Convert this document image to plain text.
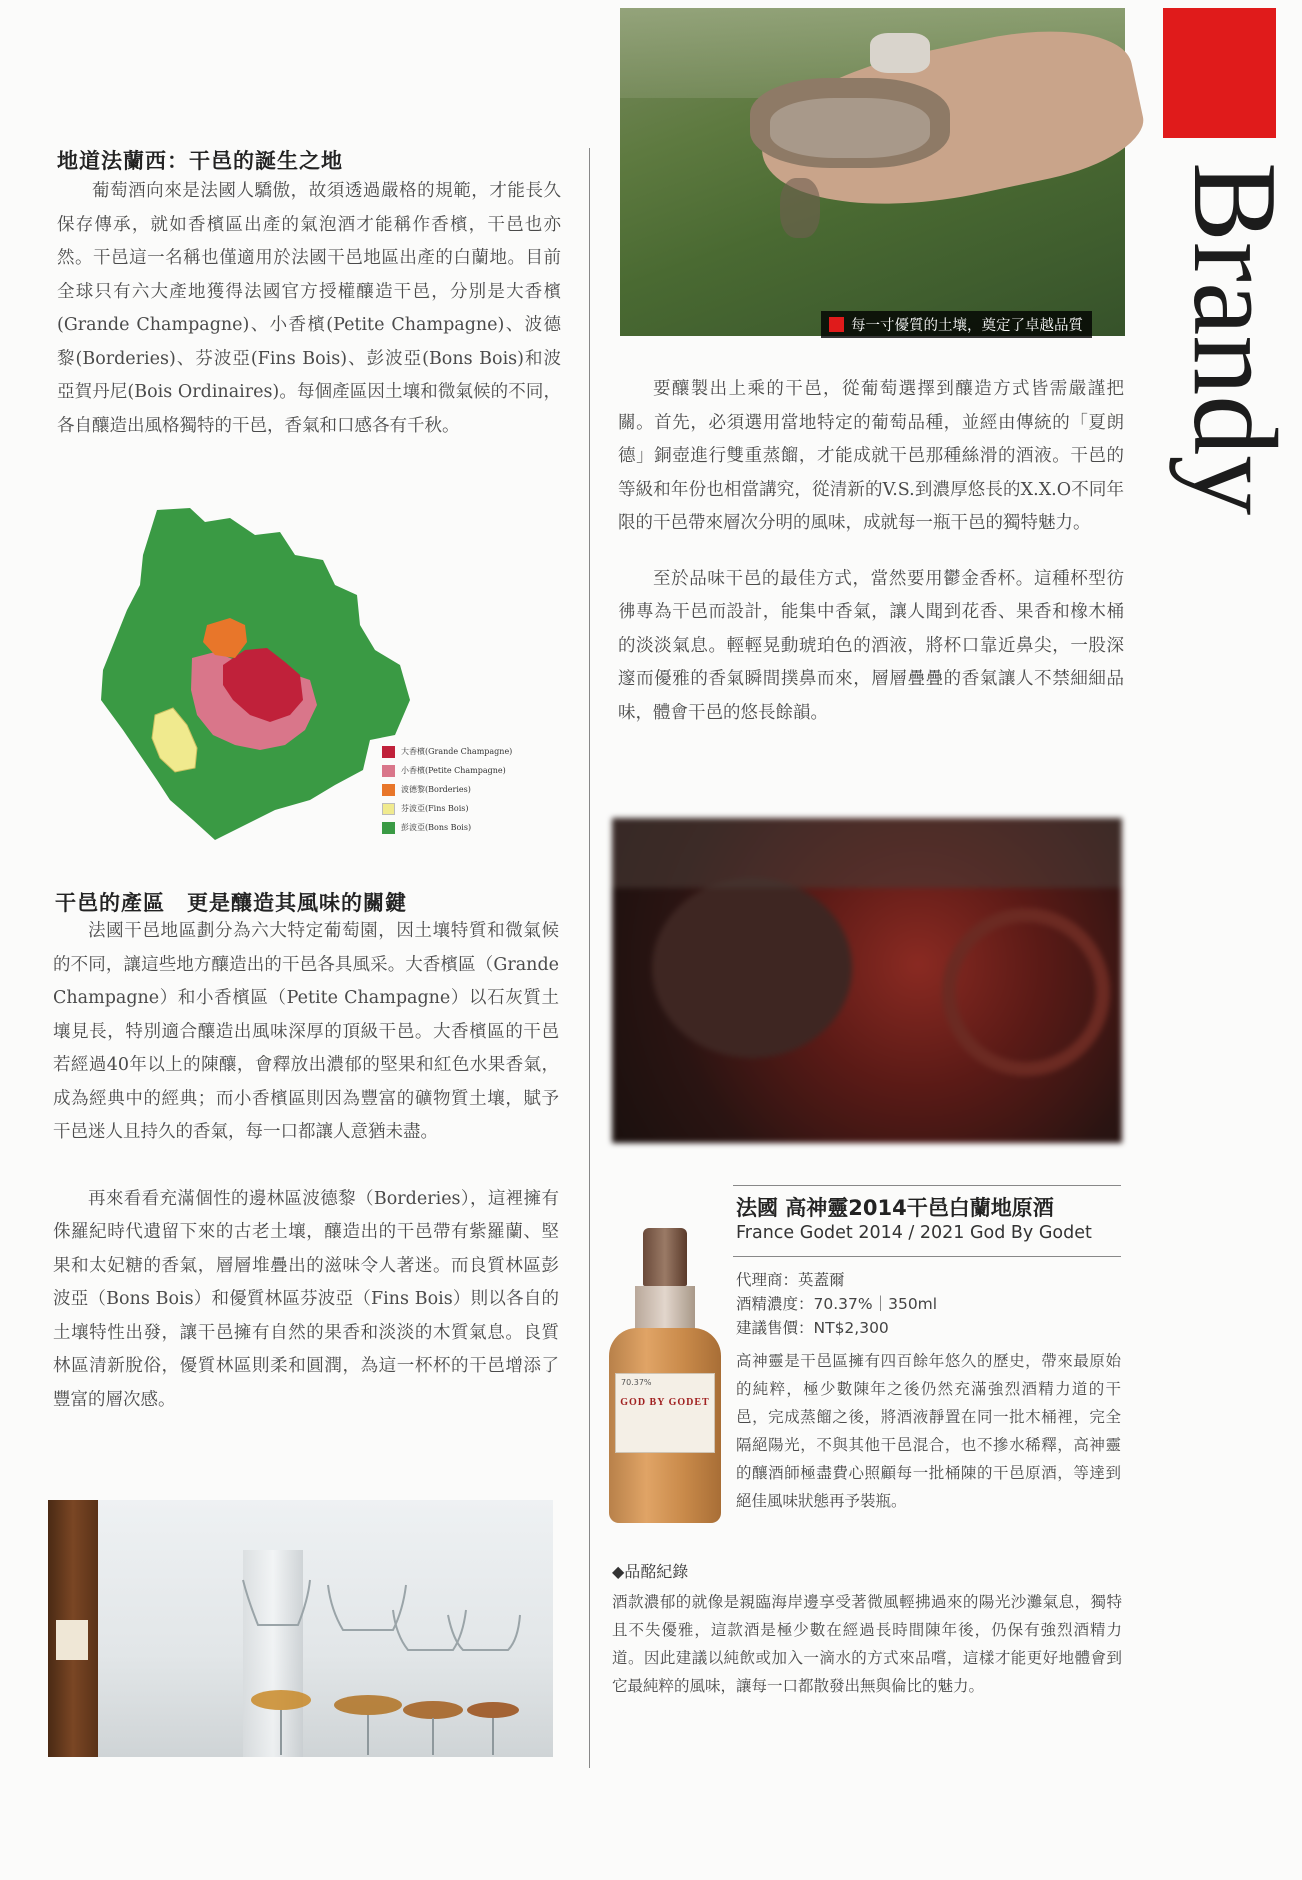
地道法蘭西：干邑的誕生之地

葡萄酒向來是法國人驕傲，故須透過嚴格的規範，才能長久保存傳承，就如香檳區出產的氣泡酒才能稱作香檳，干邑也亦然。干邑這一名稱也僅適用於法國干邑地區出產的白蘭地。目前全球只有六大產地獲得法國官方授權釀造干邑，分別是大香檳(Grande Champagne)、小香檳(Petite Champagne)、波德黎(Borderies)、芬波亞(Fins Bois)、彭波亞(Bons Bois)和波亞賀丹尼(Bois Ordinaires)。每個產區因土壤和微氣候的不同，各自釀造出風格獨特的干邑，香氣和口感各有千秋。

大香檳(Grande Champagne)
小香檳(Petite Champagne)
波德黎(Borderies)
芬波亞(Fins Bois)
彭波亞(Bons Bois)
干邑的產區　更是釀造其風味的關鍵

法國干邑地區劃分為六大特定葡萄園，因土壤特質和微氣候的不同，讓這些地方釀造出的干邑各具風采。大香檳區（Grande Champagne）和小香檳區（Petite Champagne）以石灰質土壤見長，特別適合釀造出風味深厚的頂級干邑。大香檳區的干邑若經過40年以上的陳釀，會釋放出濃郁的堅果和紅色水果香氣，成為經典中的經典；而小香檳區則因為豐富的礦物質土壤，賦予干邑迷人且持久的香氣，每一口都讓人意猶未盡。

再來看看充滿個性的邊林區波德黎（Borderies），這裡擁有侏羅紀時代遺留下來的古老土壤，釀造出的干邑帶有紫羅蘭、堅果和太妃糖的香氣，層層堆疊出的滋味令人著迷。而良質林區彭波亞（Bons Bois）和優質林區芬波亞（Fins Bois）則以各自的土壤特性出發，讓干邑擁有自然的果香和淡淡的木質氣息。良質林區清新脫俗，優質林區則柔和圓潤，為這一杯杯的干邑增添了豐富的層次感。

每一寸優質的土壤，奠定了卓越品質 Brandy

要釀製出上乘的干邑，從葡萄選擇到釀造方式皆需嚴謹把關。首先，必須選用當地特定的葡萄品種，並經由傳統的「夏朗德」銅壺進行雙重蒸餾，才能成就干邑那種絲滑的酒液。干邑的等級和年份也相當講究，從清新的V.S.到濃厚悠長的X.X.O不同年限的干邑帶來層次分明的風味，成就每一瓶干邑的獨特魅力。

至於品味干邑的最佳方式，當然要用鬱金香杯。這種杯型彷彿專為干邑而設計，能集中香氣，讓人聞到花香、果香和橡木桶的淡淡氣息。輕輕晃動琥珀色的酒液，將杯口靠近鼻尖，一股深邃而優雅的香氣瞬間撲鼻而來，層層疊疊的香氣讓人不禁細細品味，體會干邑的悠長餘韻。

法國 高神靈2014干邑白蘭地原酒
France Godet 2014 / 2021 God By Godet
70.37%
GOD BY GODET
代理商：英蓋爾
酒精濃度：70.37%｜350ml
建議售價：NT$2,300
高神靈是干邑區擁有四百餘年悠久的歷史，帶來最原始的純粹，極少數陳年之後仍然充滿強烈酒精力道的干邑，完成蒸餾之後，將酒液靜置在同一批木桶裡，完全隔絕陽光，不與其他干邑混合，也不摻水稀釋，高神靈的釀酒師極盡費心照顧每一批桶陳的干邑原酒，等達到絕佳風味狀態再予裝瓶。
◆品酩紀錄
酒款濃郁的就像是親臨海岸邊享受著微風輕拂過來的陽光沙灘氣息，獨特且不失優雅，這款酒是極少數在經過長時間陳年後，仍保有強烈酒精力道。因此建議以純飲或加入一滴水的方式來品嚐，這樣才能更好地體會到它最純粹的風味，讓每一口都散發出無與倫比的魅力。
